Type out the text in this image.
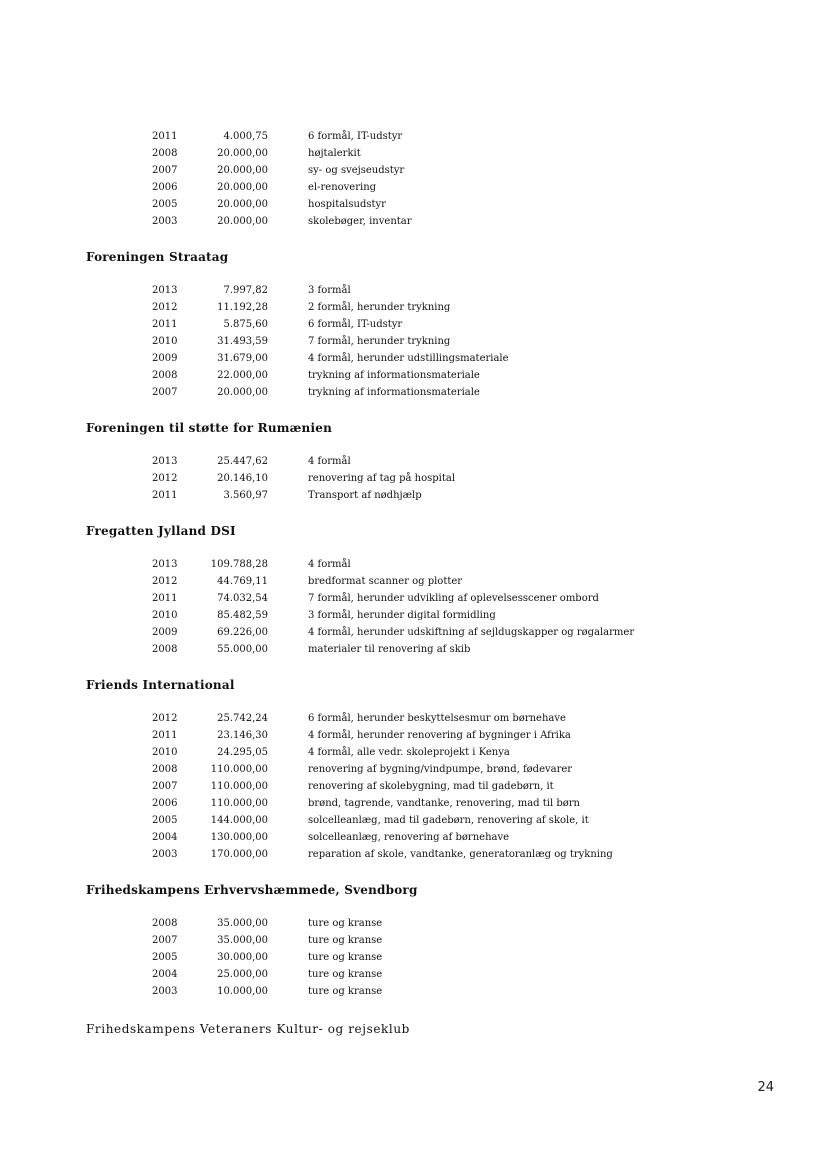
2011	4.000,75	6 formål, IT-udstyr
2008	20.000,00	højtalerkit
2007	20.000,00	sy- og svejseudstyr
2006	20.000,00	el-renovering
2005	20.000,00	hospitalsudstyr
2003	20.000,00	skolebøger, inventar
Foreningen Straatag
2013	7.997,82	3 formål
2012	11.192,28	2 formål, herunder trykning
2011	5.875,60	6 formål, IT-udstyr
2010	31.493,59	7 formål, herunder trykning
2009	31.679,00	4 formål, herunder udstillingsmateriale
2008	22.000,00	trykning af informationsmateriale
2007	20.000,00	trykning af informationsmateriale
Foreningen til støtte for Rumænien
2013	25.447,62	4 formål
2012	20.146,10	renovering af tag på hospital
2011	3.560,97	Transport af nødhjælp
Fregatten Jylland DSI
2013	109.788,28	4 formål
2012	44.769,11	bredformat scanner og plotter
2011	74.032,54	7 formål, herunder udvikling af oplevelsesscener ombord
2010	85.482,59	3 formål, herunder digital formidling
2009	69.226,00	4 formål, herunder udskiftning af sejldugskapper og røgalarmer
2008	55.000,00	materialer til renovering af skib
Friends International
2012	25.742,24	6 formål, herunder beskyttelsesmur om børnehave
2011	23.146,30	4 formål, herunder renovering af bygninger i Afrika
2010	24.295,05	4 formål, alle vedr. skoleprojekt i Kenya
2008	110.000,00	renovering af bygning/vindpumpe, brønd, fødevarer
2007	110.000,00	renovering af skolebygning, mad til gadebørn, it
2006	110.000,00	brønd, tagrende, vandtanke, renovering, mad til børn
2005	144.000,00	solcelleanlæg, mad til gadebørn, renovering af skole, it
2004	130.000,00	solcelleanlæg, renovering af børnehave
2003	170.000,00	reparation af skole, vandtanke, generatoranlæg og trykning
Frihedskampens Erhvervshæmmede, Svendborg
2008	35.000,00	ture og kranse
2007	35.000,00	ture og kranse
2005	30.000,00	ture og kranse
2004	25.000,00	ture og kranse
2003	10.000,00	ture og kranse
Frihedskampens Veteraners Kultur- og rejseklub
24
